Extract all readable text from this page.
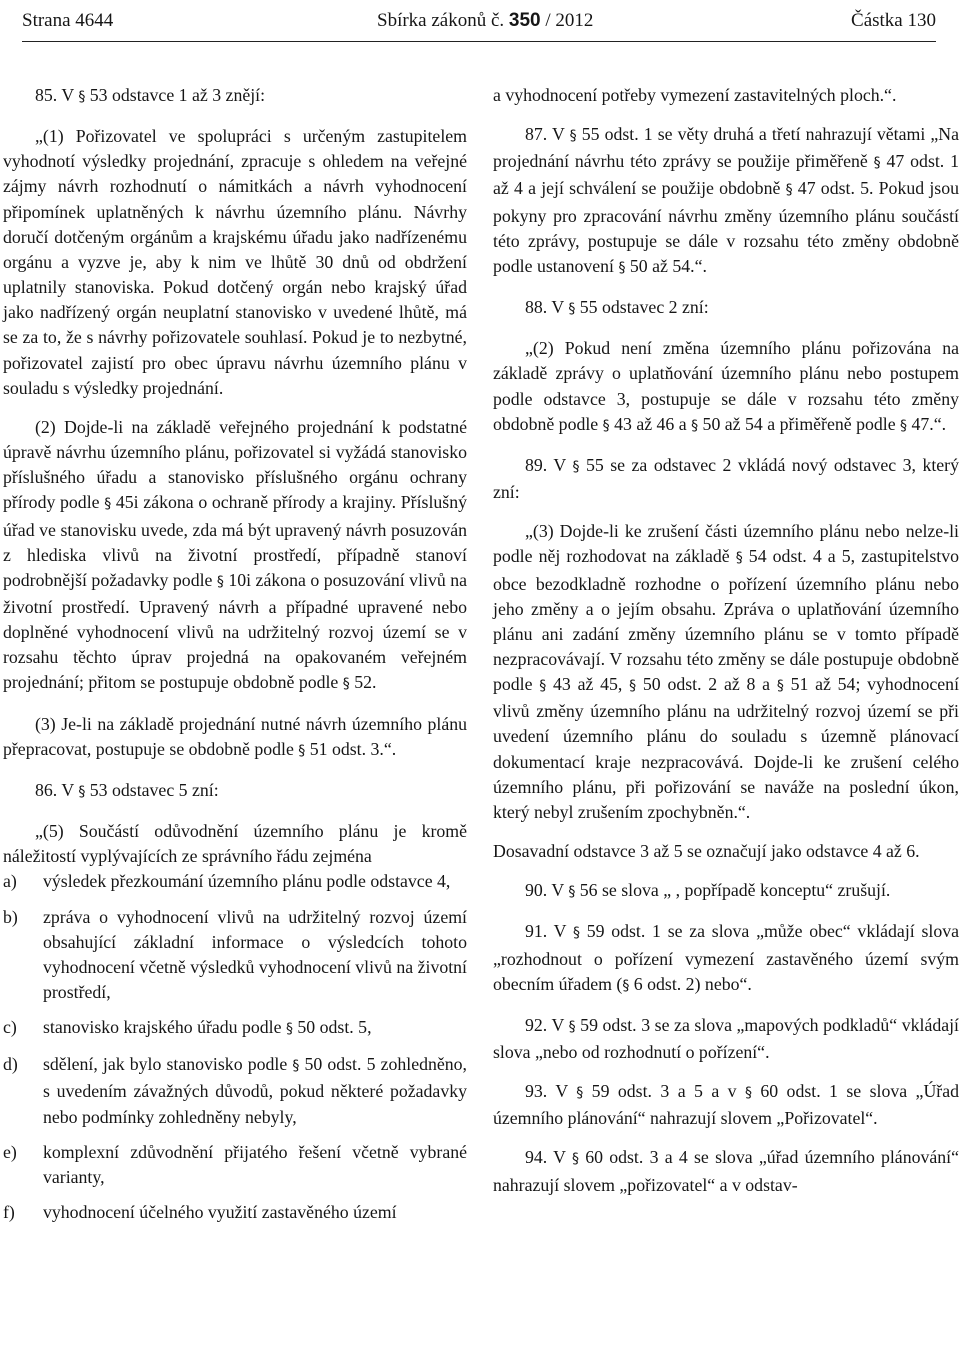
Strana 4644	Sbírka zákonů č. 350 / 2012	Částka 130

85. V § 53 odstavce 1 až 3 znějí:

„(1) Pořizovatel ve spolupráci s určeným zastupitelem vyhodnotí výsledky projednání, zpracuje s ohledem na veřejné zájmy návrh rozhodnutí o námitkách a návrh vyhodnocení připomínek uplatněných k návrhu územního plánu. Návrhy doručí dotčeným orgánům a krajskému úřadu jako nadřízenému orgánu a vyzve je, aby k nim ve lhůtě 30 dnů od obdržení uplatnily stanoviska. Pokud dotčený orgán nebo krajský úřad jako nadřízený orgán neuplatní stanovisko v uvedené lhůtě, má se za to, že s návrhy pořizovatele souhlasí. Pokud je to nezbytné, pořizovatel zajistí pro obec úpravu návrhu územního plánu v souladu s výsledky projednání.

(2) Dojde-li na základě veřejného projednání k podstatné úpravě návrhu územního plánu, pořizovatel si vyžádá stanovisko příslušného úřadu a stanovisko příslušného orgánu ochrany přírody podle § 45i zákona o ochraně přírody a krajiny. Příslušný úřad ve stanovisku uvede, zda má být upravený návrh posuzován z hlediska vlivů na životní prostředí, případně stanoví podrobnější požadavky podle § 10i zákona o posuzování vlivů na životní prostředí. Upravený návrh a případné upravené nebo doplněné vyhodnocení vlivů na udržitelný rozvoj území se v rozsahu těchto úprav projedná na opakovaném veřejném projednání; přitom se postupuje obdobně podle § 52.

(3) Je-li na základě projednání nutné návrh územního plánu přepracovat, postupuje se obdobně podle § 51 odst. 3.“.

86. V § 53 odstavec 5 zní:

„(5) Součástí odůvodnění územního plánu je kromě náležitostí vyplývajících ze správního řádu zejména

a)	výsledek přezkoumání územního plánu podle odstavce 4,
b)	zpráva o vyhodnocení vlivů na udržitelný rozvoj území obsahující základní informace o výsledcích tohoto vyhodnocení včetně výsledků vyhodnocení vlivů na životní prostředí,
c)	stanovisko krajského úřadu podle § 50 odst. 5,
d)	sdělení, jak bylo stanovisko podle § 50 odst. 5 zohledněno, s uvedením závažných důvodů, pokud některé požadavky nebo podmínky zohledněny nebyly,
e)	komplexní zdůvodnění přijatého řešení včetně vybrané varianty,
f)	vyhodnocení účelného využití zastavěného území

a vyhodnocení potřeby vymezení zastavitelných ploch.“.

87. V § 55 odst. 1 se věty druhá a třetí nahrazují větami „Na projednání návrhu této zprávy se použije přiměřeně § 47 odst. 1 až 4 a její schválení se použije obdobně § 47 odst. 5. Pokud jsou pokyny pro zpracování návrhu změny územního plánu součástí této zprávy, postupuje se dále v rozsahu této změny obdobně podle ustanovení § 50 až 54.“.

88. V § 55 odstavec 2 zní:

„(2) Pokud není změna územního plánu pořizována na základě zprávy o uplatňování územního plánu nebo postupem podle odstavce 3, postupuje se dále v rozsahu této změny obdobně podle § 43 až 46 a § 50 až 54 a přiměřeně podle § 47.“.

89. V § 55 se za odstavec 2 vkládá nový odstavec 3, který zní:

„(3) Dojde-li ke zrušení části územního plánu nebo nelze-li podle něj rozhodovat na základě § 54 odst. 4 a 5, zastupitelstvo obce bezodkladně rozhodne o pořízení územního plánu nebo jeho změny a o jejím obsahu. Zpráva o uplatňování územního plánu ani zadání změny územního plánu se v tomto případě nezpracovávají. V rozsahu této změny se dále postupuje obdobně podle § 43 až 45, § 50 odst. 2 až 8 a § 51 až 54; vyhodnocení vlivů změny územního plánu na udržitelný rozvoj území se při uvedení územního plánu do souladu s územně plánovací dokumentací kraje nezpracovává. Dojde-li ke zrušení celého územního plánu, při pořizování se naváže na poslední úkon, který nebyl zrušením zpochybněn.“.

Dosavadní odstavce 3 až 5 se označují jako odstavce 4 až 6.

90. V § 56 se slova „ , popřípadě konceptu“ zrušují.

91. V § 59 odst. 1 se za slova „může obec“ vkládají slova „rozhodnout o pořízení vymezení zastavěného území svým obecním úřadem (§ 6 odst. 2) nebo“.

92. V § 59 odst. 3 se za slova „mapových podkladů“ vkládají slova „nebo od rozhodnutí o pořízení“.

93. V § 59 odst. 3 a 5 a v § 60 odst. 1 se slova „Úřad územního plánování“ nahrazují slovem „Pořizovatel“.

94. V § 60 odst. 3 a 4 se slova „úřad územního plánování“ nahrazují slovem „pořizovatel“ a v odstav-
